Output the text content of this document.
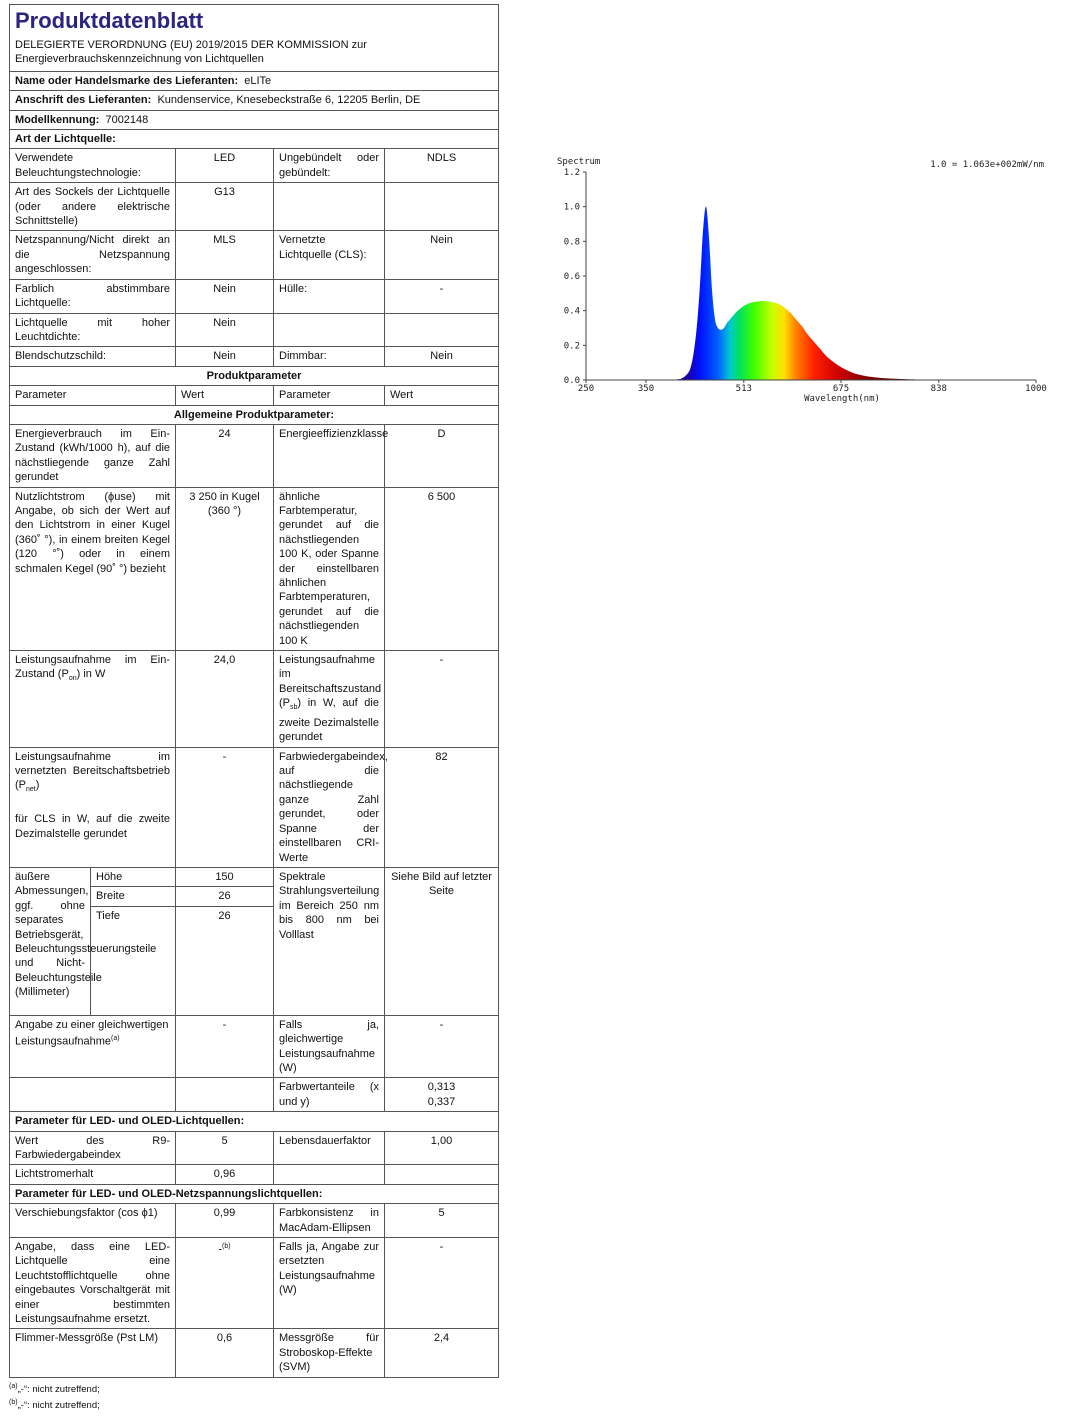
Produktdatenblatt				
DELEGIERTE VERORDNUNG (EU) 2019/2015 DER KOMMISSION zur Energieverbrauchskennzeichnung von Lichtquellen				
Name oder Handelsmarke des Lieferanten: eLITe				
Anschrift des Lieferanten: Kundenservice, Knesebeckstraße 6, 12205 Berlin, DE				
Modellkennung: 7002148				
Art der Lichtquelle:				
Verwendete Beleuchtungstechnologie:		LED	Ungebündelt oder gebündelt:	NDLS
Art des Sockels der Lichtquelle (oder andere elektrische Schnittstelle)		G13		
Netzspannung/Nicht direkt an die Netzspannung angeschlossen:		MLS	Vernetzte Lichtquelle (CLS):	Nein
Farblich abstimmbare Lichtquelle:		Nein	Hülle:	-
Lichtquelle mit hoher Leuchtdichte:		Nein		
Blendschutzschild:		Nein	Dimmbar:	Nein
Produktparameter				
Parameter		Wert	Parameter	Wert
Allgemeine Produktparameter:				
Energieverbrauch im Ein-Zustand (kWh/1000 h), auf die nächstliegende ganze Zahl gerundet		24	Energieeffizienzklasse	D
Nutzlichtstrom (ϕuse) mit Angabe, ob sich der Wert auf den Lichtstrom in einer Kugel (360˚ °), in einem breiten Kegel (120 °˚) oder in einem schmalen Kegel (90˚ °) bezieht		3 250 in Kugel (360 °)	ähnliche Farbtemperatur, gerundet auf die nächstliegenden 100 K, oder Spanne der einstellbaren ähnlichen Farbtemperaturen, gerundet auf die nächstliegenden 100 K	6 500
Leistungsaufnahme im Ein-Zustand $(P_{on})$ in W		24,0	Leistungsaufnahme im Bereitschaftszustand $(P_{sb})$ in W, auf die zweite Dezimalstelle gerundet	-
Leistungsaufnahme im vernetzten Bereitschaftsbetrieb $(P_{net})$

für CLS in W, auf die zweite Dezimalstelle gerundet		-	Farbwiedergabeindex, auf die nächstliegende ganze Zahl gerundet, oder Spanne der einstellbaren CRI-Werte	82
äußere Abmessungen, ggf. ohne separates Betriebsgerät, Beleuchtungssteuerungsteile und Nicht-Beleuchtungsteile (Millimeter)	Höhe	150	Spektrale Strahlungsverteilung im Bereich 250 nm bis 800 nm bei Volllast	Siehe Bild auf letzter Seite
	Breite	26		
	Tiefe	26		
Angabe zu einer gleichwertigen Leistungsaufnahme$^{(a)}$		-	Falls ja, gleichwertige Leistungsaufnahme (W)	-
			Farbwertanteile (x und y)	0,313
0,337
Parameter für LED- und OLED-Lichtquellen:				
Wert des R9-Farbwiedergabeindex		5	Lebensdauerfaktor	1,00
Lichtstromerhalt		0,96		
Parameter für LED- und OLED-Netzspannungslichtquellen:				
Verschiebungsfaktor (cos ϕ1)		0,99	Farbkonsistenz in MacAdam-Ellipsen	5
Angabe, dass eine LED-Lichtquelle eine Leuchtstofflichtquelle ohne eingebautes Vorschaltgerät mit einer bestimmten Leistungsaufnahme ersetzt.		-$^{(b)}$	Falls ja, Angabe zur ersetzten Leistungsaufnahme (W)	-
Flimmer-Messgröße (Pst LM)		0,6	Messgröße für Stroboskop-Effekte (SVM)	2,4
$^{(a)}$„-“: nicht zutreffend;
$^{(b)}$„-“: nicht zutreffend;
Spectrum	1.0 = 1.063e+002mW/nm
0.0
0.2
0.4
0.6
0.8
1.0
1.2
250	350	513	675	838	1000
Wavelength(nm)
